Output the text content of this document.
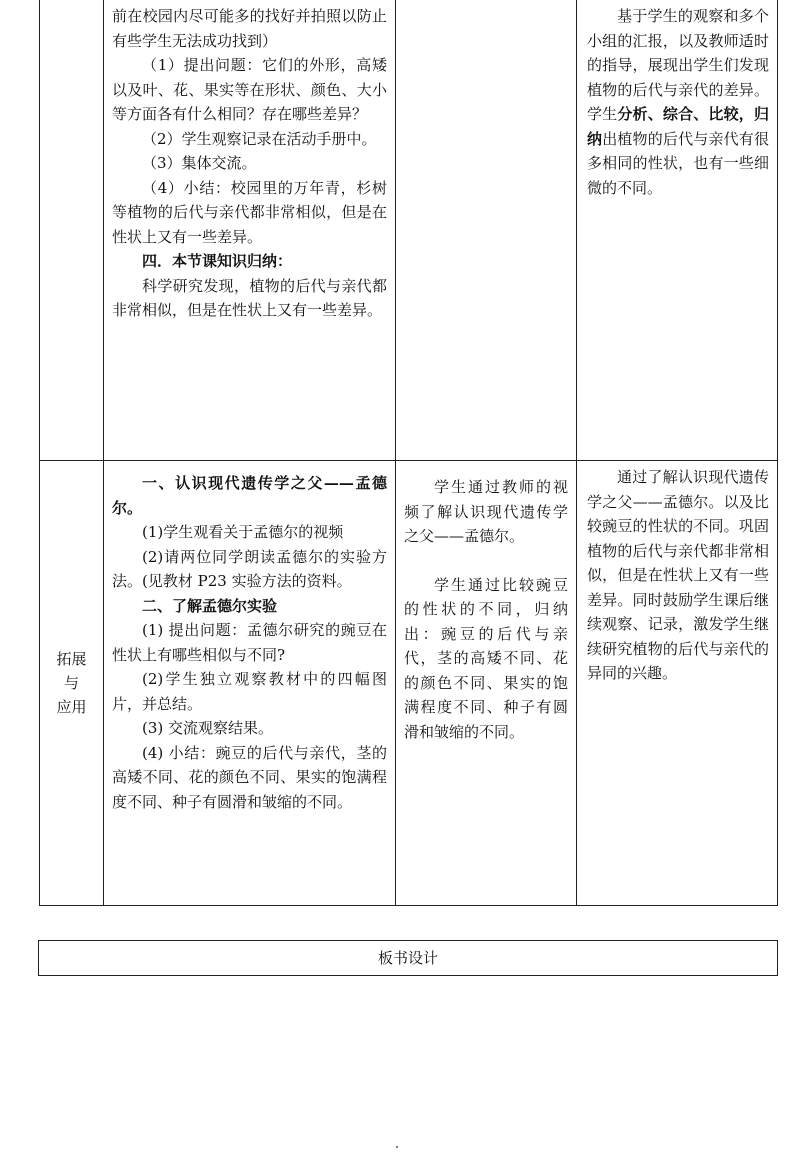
前在校园内尽可能多的找好并拍照以防止有些学生无法成功找到）

（1）提出问题：它们的外形，高矮以及叶、花、果实等在形状、颜色、大小等方面各有什么相同？存在哪些差异？

（2）学生观察记录在活动手册中。

（3）集体交流。

（4）小结：校园里的万年青，杉树等植物的后代与亲代都非常相似，但是在性状上又有一些差异。

四．本节课知识归纳：

科学研究发现，植物的后代与亲代都非常相似，但是在性状上又有一些差异。

基于学生的观察和多个小组的汇报，以及教师适时的指导，展现出学生们发现植物的后代与亲代的差异。学生分析、综合、比较，归纳出植物的后代与亲代有很多相同的性状，也有一些细微的不同。

拓展
与
应用

一、认识现代遗传学之父——孟德尔。

(1)学生观看关于孟德尔的视频

(2)请两位同学朗读孟德尔的实验方法。(见教材 P23 实验方法的资料。

二、了解孟德尔实验

(1) 提出问题：孟德尔研究的豌豆在性状上有哪些相似与不同?

(2)学生独立观察教材中的四幅图片，并总结。

(3) 交流观察结果。

(4) 小结：豌豆的后代与亲代，茎的高矮不同、花的颜色不同、果实的饱满程度不同、种子有圆滑和皱缩的不同。

学生通过教师的视频了解认识现代遗传学之父——孟德尔。

学生通过比较豌豆的性状的不同，归纳出：豌豆的后代与亲代，茎的高矮不同、花的颜色不同、果实的饱满程度不同、种子有圆滑和皱缩的不同。

通过了解认识现代遗传学之父——孟德尔。以及比较豌豆的性状的不同。巩固植物的后代与亲代都非常相似，但是在性状上又有一些差异。同时鼓励学生课后继续观察、记录，激发学生继续研究植物的后代与亲代的异同的兴趣。

板书设计
